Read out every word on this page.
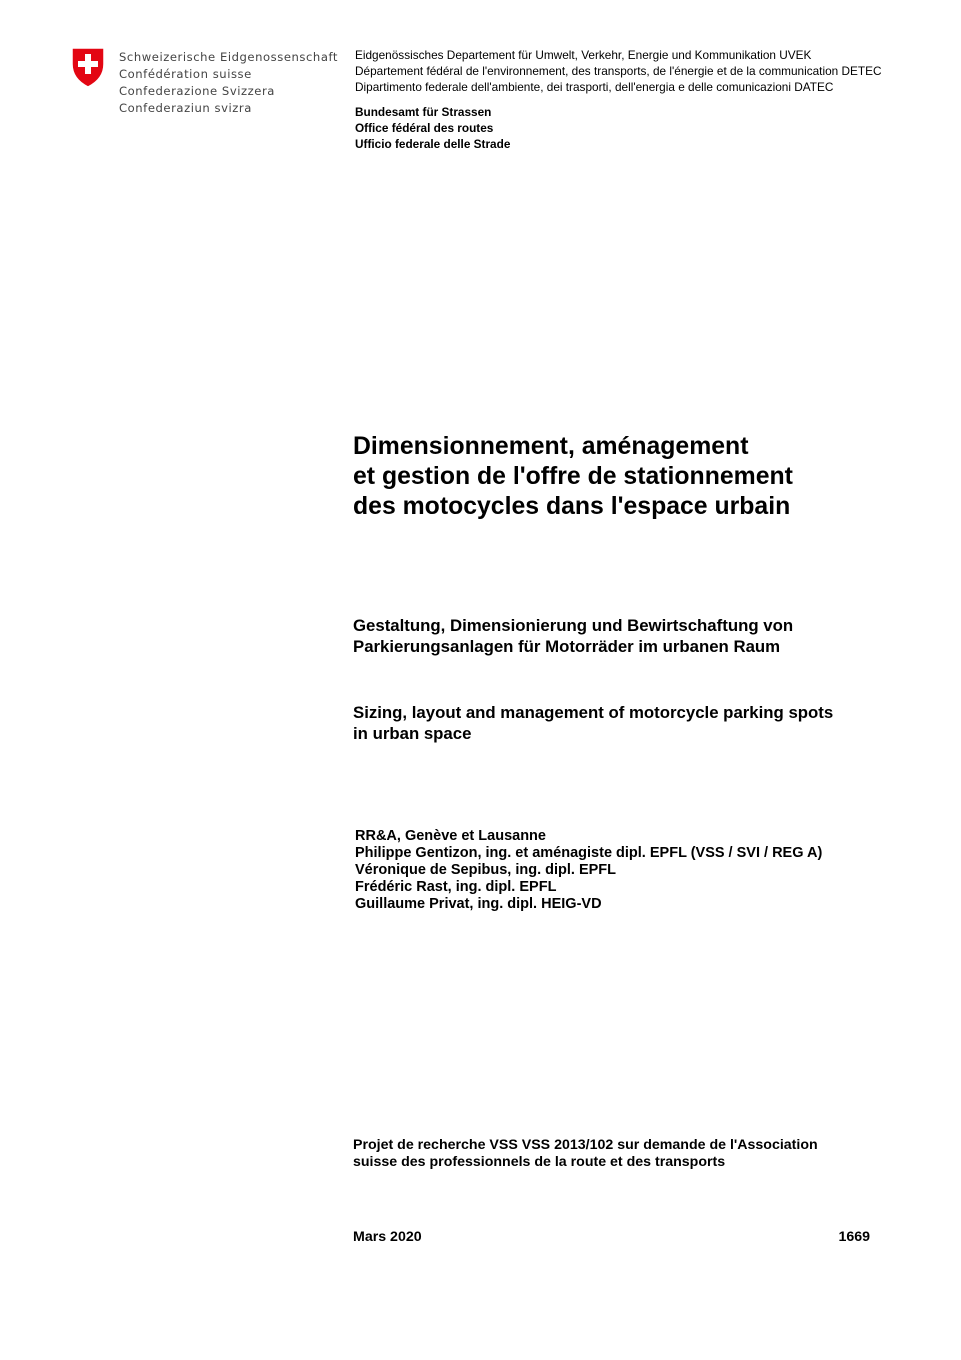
Schweizerische Eidgenossenschaft
Confédération suisse
Confederazione Svizzera
Confederaziun svizra
Eidgenössisches Departement für Umwelt, Verkehr, Energie und Kommunikation UVEK
Département fédéral de l'environnement, des transports, de l'énergie et de la communication DETEC
Dipartimento federale dell'ambiente, dei trasporti, dell'energia e delle comunicazioni DATEC
Bundesamt für Strassen
Office fédéral des routes
Ufficio federale delle Strade
Dimensionnement, aménagement
et gestion de l'offre de stationnement
des motocycles dans l'espace urbain
Gestaltung, Dimensionierung und Bewirtschaftung von
Parkierungsanlagen für Motorräder im urbanen Raum
Sizing, layout and management of motorcycle parking spots
in urban space
RR&A, Genève et Lausanne
Philippe Gentizon, ing. et aménagiste dipl. EPFL (VSS / SVI / REG A)
Véronique de Sepibus, ing. dipl. EPFL
Frédéric Rast, ing. dipl. EPFL
Guillaume Privat, ing. dipl. HEIG-VD
Projet de recherche VSS VSS 2013/102 sur demande de l'Association
suisse des professionnels de la route et des transports
Mars 2020	1669
